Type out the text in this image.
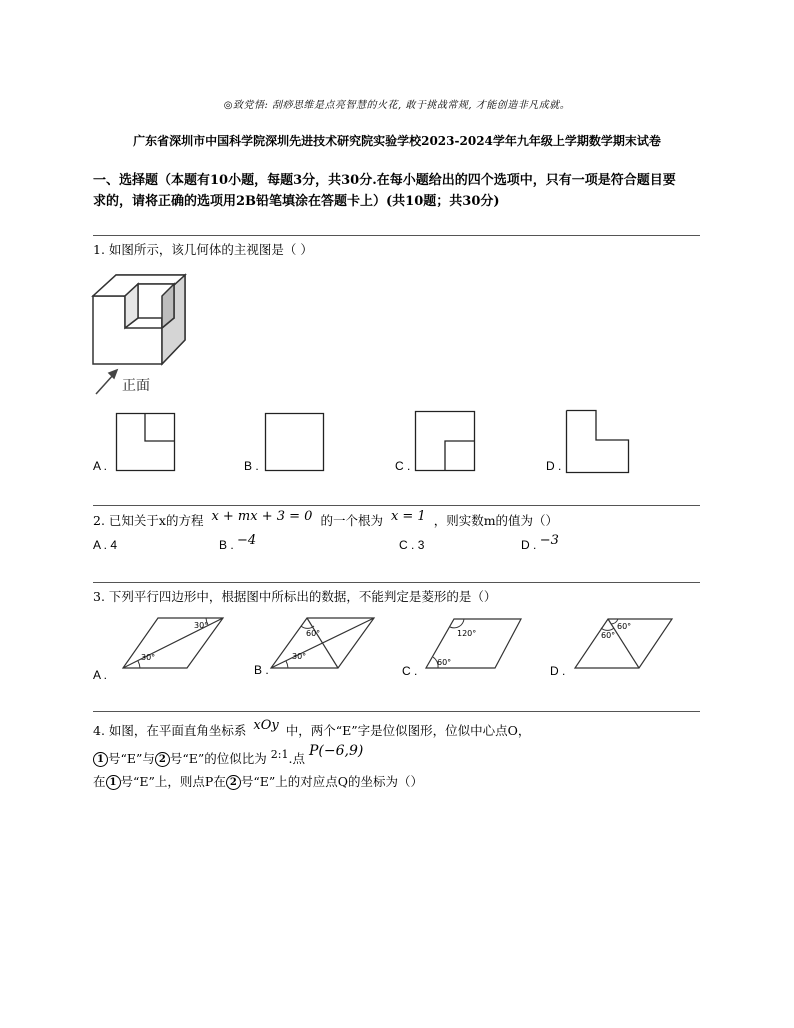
◎致党悟: 刮痧思维是点亮智慧的火花, 敢于挑战常规, 才能创造非凡成就。
广东省深圳市中国科学院深圳先进技术研究院实验学校2023-2024学年九年级上学期数学期末试卷
一、选择题（本题有10小题，每题3分，共30分.在每小题给出的四个选项中，只有一项是符合题目要
求的，请将正确的选项用2B铅笔填涂在答题卡上）(共10题；共30分)
1. 如图所示，该几何体的主视图是（ ）
正面
A .	B .	C .	D .
2. 已知关于x的方程 x + mx + 3 = 0 的一个根为 x = 1 ，则实数m的值为（）
A . 4	B . −4	C . 3	D . −3
3. 下列平行四边形中，根据图中所标出的数据，不能判定是菱形的是（）
A .
30°
30°
B .
60°
30°
C .
120°
60°
D .
60°
60°
4. 如图，在平面直角坐标系 xOy 中，两个“E”字是位似图形，位似中心点O，
1 号“E”与 2 号“E”的位似比为 2:1.点 P(−6,9)
在 1 号“E”上，则点P在 2 号“E”上的对应点Q的坐标为（）
